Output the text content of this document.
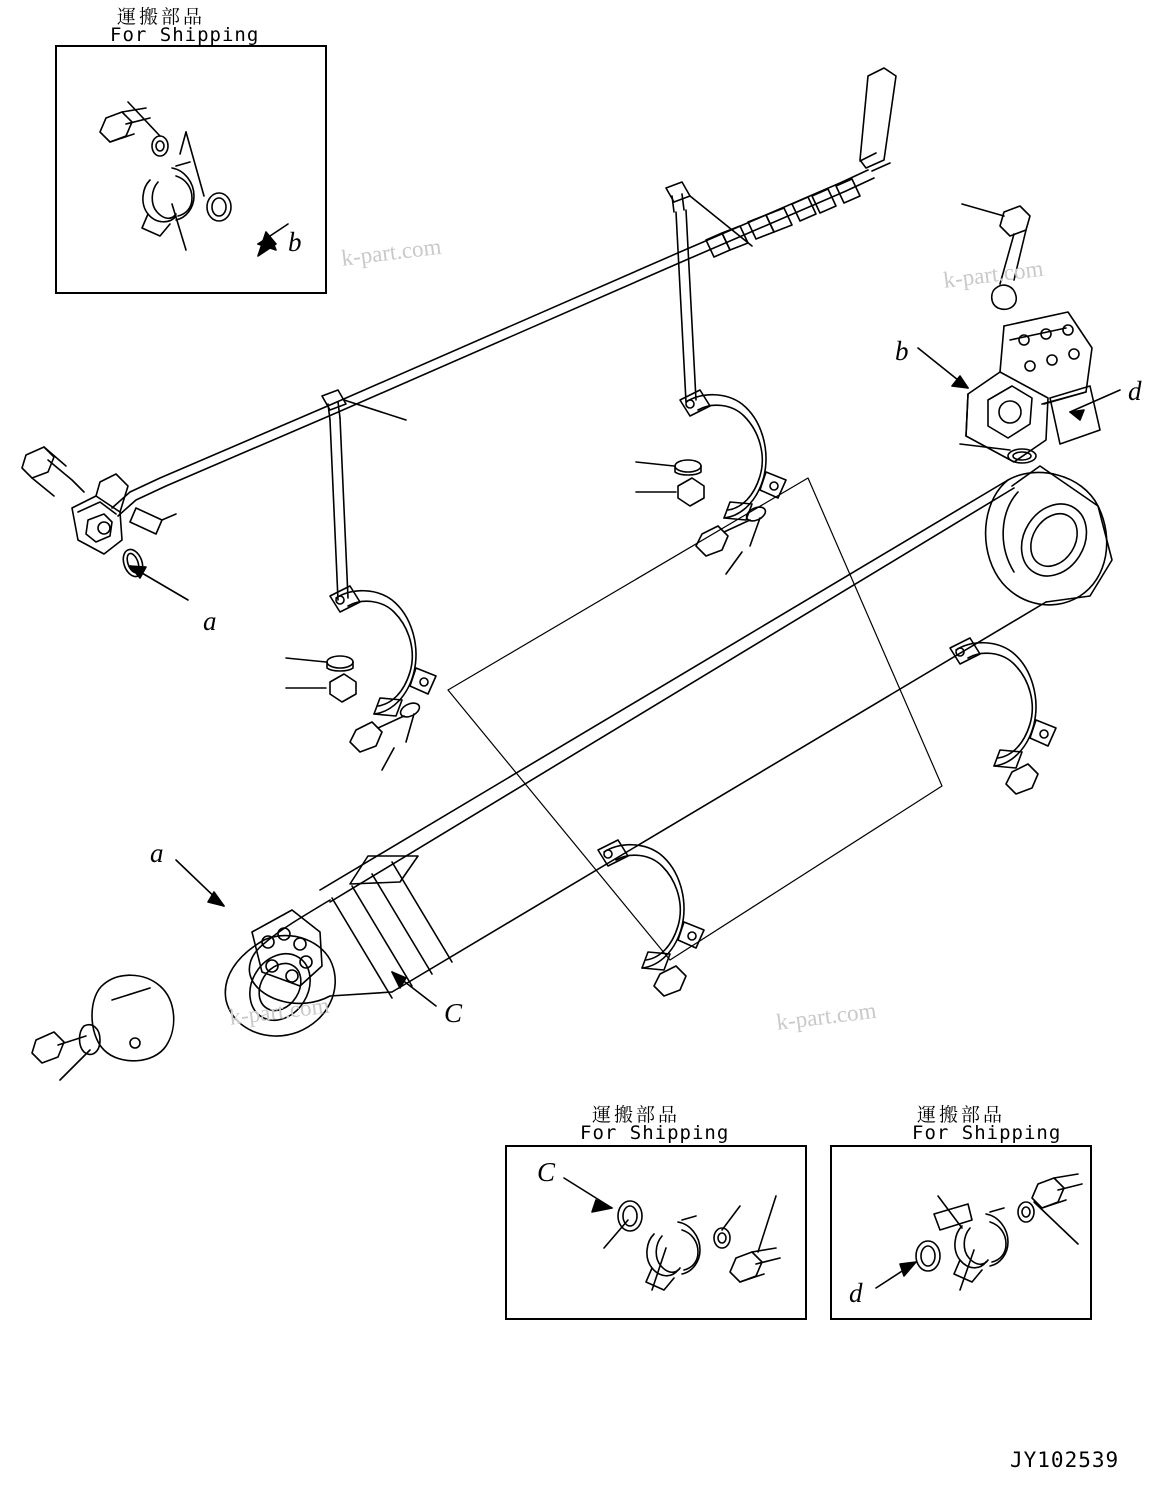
運搬部品
For Shipping
b
運搬部品
For Shipping
C
運搬部品
For Shipping
d
a
b
d
a
C
k-part.com
k-part.com
k-part.com	k-part.com
JY102539
